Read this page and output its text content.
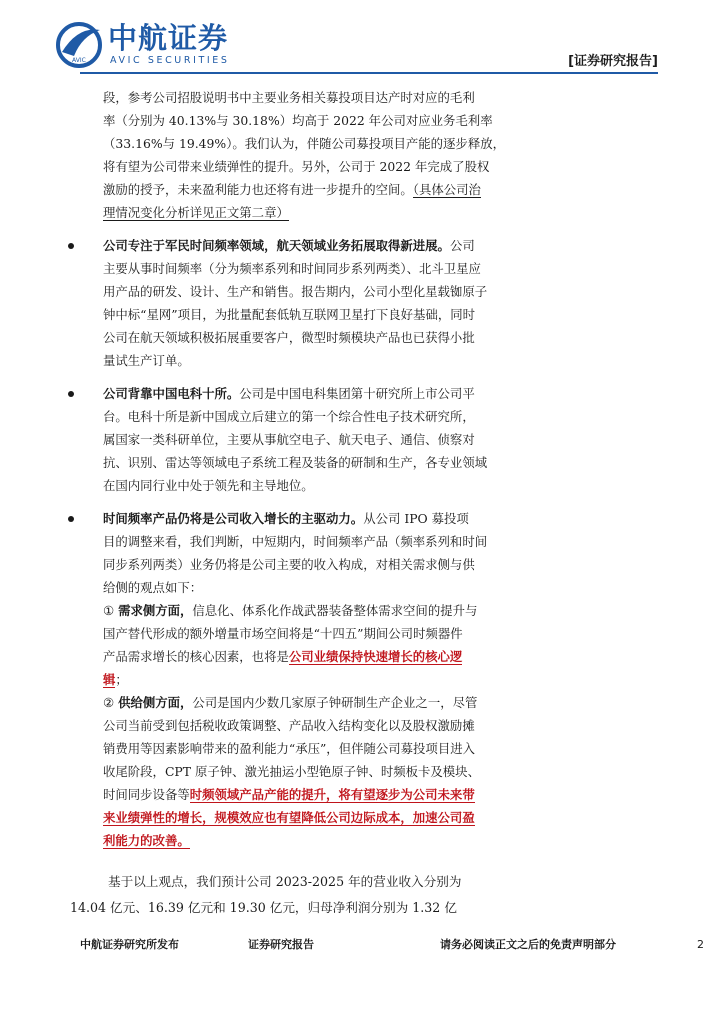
AVIC
中航证券
AVIC SECURITIES	[证券研究报告]
段，参考公司招股说明书中主要业务相关募投项目达产时对应的毛利
率（分别为 40.13%与 30.18%）均高于 2022 年公司对应业务毛利率
（33.16%与 19.49%）。我们认为，伴随公司募投项目产能的逐步释放，
将有望为公司带来业绩弹性的提升。另外，公司于 2022 年完成了股权
激励的授予，未来盈利能力也还将有进一步提升的空间。（具体公司治
理情况变化分析详见正文第二章）
公司专注于军民时间频率领域，航天领域业务拓展取得新进展。公司
主要从事时间频率（分为频率系列和时间同步系列两类）、北斗卫星应
用产品的研发、设计、生产和销售。报告期内，公司小型化星载铷原子
钟中标“星网”项目，为批量配套低轨互联网卫星打下良好基础，同时
公司在航天领域积极拓展重要客户，微型时频模块产品也已获得小批
量试生产订单。
公司背靠中国电科十所。公司是中国电科集团第十研究所上市公司平
台。电科十所是新中国成立后建立的第一个综合性电子技术研究所，
属国家一类科研单位，主要从事航空电子、航天电子、通信、侦察对
抗、识别、雷达等领域电子系统工程及装备的研制和生产，各专业领域
在国内同行业中处于领先和主导地位。
时间频率产品仍将是公司收入增长的主驱动力。从公司 IPO 募投项
目的调整来看，我们判断，中短期内，时间频率产品（频率系列和时间
同步系列两类）业务仍将是公司主要的收入构成，对相关需求侧与供
给侧的观点如下：
① 需求侧方面，信息化、体系化作战武器装备整体需求空间的提升与
国产替代形成的额外增量市场空间将是“十四五”期间公司时频器件
产品需求增长的核心因素，也将是公司业绩保持快速增长的核心逻
辑；
② 供给侧方面，公司是国内少数几家原子钟研制生产企业之一，尽管
公司当前受到包括税收政策调整、产品收入结构变化以及股权激励摊
销费用等因素影响带来的盈利能力“承压”，但伴随公司募投项目进入
收尾阶段，CPT 原子钟、激光抽运小型铯原子钟、时频板卡及模块、
时间同步设备等时频领域产品产能的提升，将有望逐步为公司未来带
来业绩弹性的增长，规模效应也有望降低公司边际成本，加速公司盈
利能力的改善。
基于以上观点，我们预计公司 2023-2025 年的营业收入分别为
14.04 亿元、16.39 亿元和 19.30 亿元，归母净利润分别为 1.32 亿
中航证券研究所发布	证券研究报告	请务必阅读正文之后的免责声明部分	2
